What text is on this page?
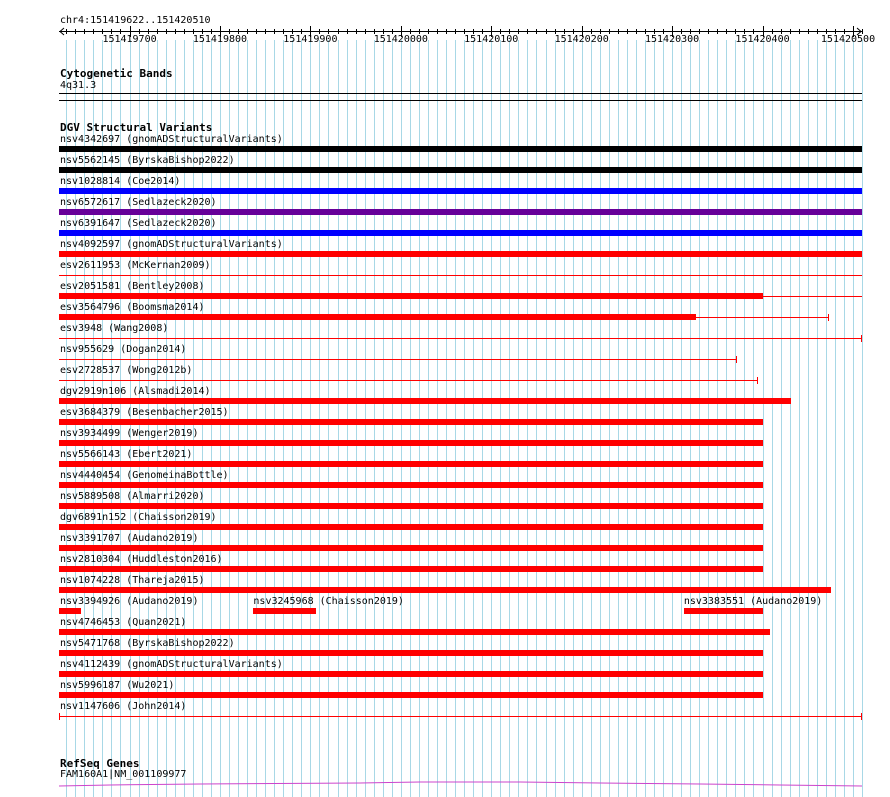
chr4:151419622..151420510
151419700	151419800	151419900	151420000	151420100	151420200	151420300	151420400	151420500
Cytogenetic Bands
4q31.3
DGV Structural Variants
nsv4342697 (gnomADStructuralVariants)
nsv5562145 (ByrskaBishop2022)
nsv1028814 (Coe2014)
nsv6572617 (Sedlazeck2020)
nsv6391647 (Sedlazeck2020)
nsv4092597 (gnomADStructuralVariants)
esv2611953 (McKernan2009)
esv2051581 (Bentley2008)
esv3564796 (Boomsma2014)
esv3948 (Wang2008)
nsv955629 (Dogan2014)
esv2728537 (Wong2012b)
dgv2919n106 (Alsmadi2014)
esv3684379 (Besenbacher2015)
nsv3934499 (Wenger2019)
nsv5566143 (Ebert2021)
nsv4440454 (GenomeinaBottle)
nsv5889508 (Almarri2020)
dgv6891n152 (Chaisson2019)
nsv3391707 (Audano2019)
nsv2810304 (Huddleston2016)
nsv1074228 (Thareja2015)
nsv3394926 (Audano2019)	nsv3245968 (Chaisson2019)	nsv3383551 (Audano2019)
nsv4746453 (Quan2021)
nsv5471768 (ByrskaBishop2022)
nsv4112439 (gnomADStructuralVariants)
nsv5996187 (Wu2021)
nsv1147606 (John2014)
RefSeq Genes
FAM160A1|NM_001109977
